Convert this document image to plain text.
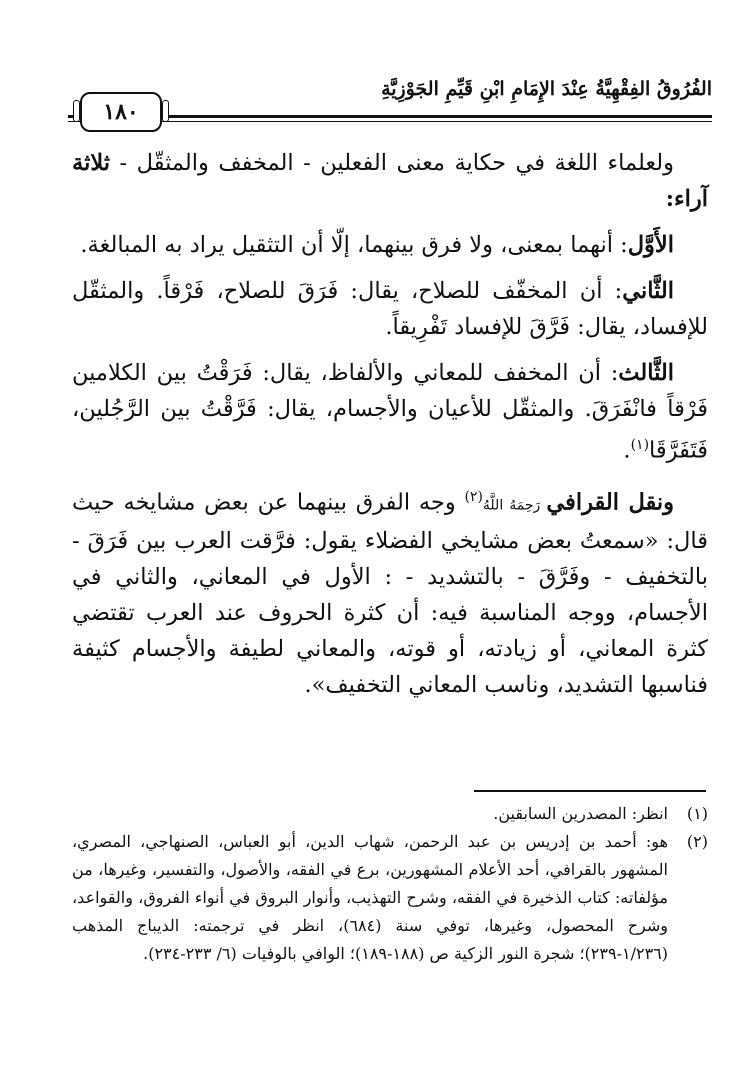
الفُرُوقُ الفِقْهِيَّةُ عِنْدَ الإِمَامِ ابْنِ قَيِّمِ الجَوْزِيَّةِ
١٨٠

ولعلماء اللغة في حكاية معنى الفعلين - المخفف والمثقّل - ثلاثة آراء:

الأَوَّل: أنهما بمعنى، ولا فرق بينهما، إلّا أن التثقيل يراد به المبالغة.

الثَّاني: أن المخفّف للصلاح، يقال: فَرَقَ للصلاح، فَرْقاً. والمثقّل للإفساد، يقال: فَرَّقَ للإفساد تَفْرِيقاً.

الثَّالث: أن المخفف للمعاني والألفاظ، يقال: فَرَقْتُ بين الكلامين فَرْقاً فانْفَرَقَ. والمثقّل للأعيان والأجسام، يقال: فَرَّقْتُ بين الرَّجُلين، فَتَفَرَّقَا$^{(١)}$.

ونقل القرافي رَحِمَهُ اللَّهُ$^{(٢)}$ وجه الفرق بينهما عن بعض مشايخه حيث قال: «سمعتُ بعض مشايخي الفضلاء يقول: فرَّقت العرب بين فَرَقَ - بالتخفيف - وفَرَّقَ - بالتشديد - : الأول في المعاني، والثاني في الأجسام، ووجه المناسبة فيه: أن كثرة الحروف عند العرب تقتضي كثرة المعاني، أو زيادته، أو قوته، والمعاني لطيفة والأجسام كثيفة فناسبها التشديد، وناسب المعاني التخفيف».

(١)
انظر: المصدرين السابقين.
(٢)
هو: أحمد بن إدريس بن عبد الرحمن، شهاب الدين، أبو العباس، الصنهاجي، المصري، المشهور بالقرافي، أحد الأعلام المشهورين، برع في الفقه، والأصول، والتفسير، وغيرها، من مؤلفاته: كتاب الذخيرة في الفقه، وشرح التهذيب، وأنوار البروق في أنواء الفروق، والقواعد، وشرح المحصول، وغيرها، توفي سنة (٦٨٤)، انظر في ترجمته: الديباج المذهب (١/٢٣٦-٢٣٩)؛ شجرة النور الزكية ص (١٨٨-١٨٩)؛ الوافي بالوفيات (٦/ ٢٣٣-٢٣٤).
